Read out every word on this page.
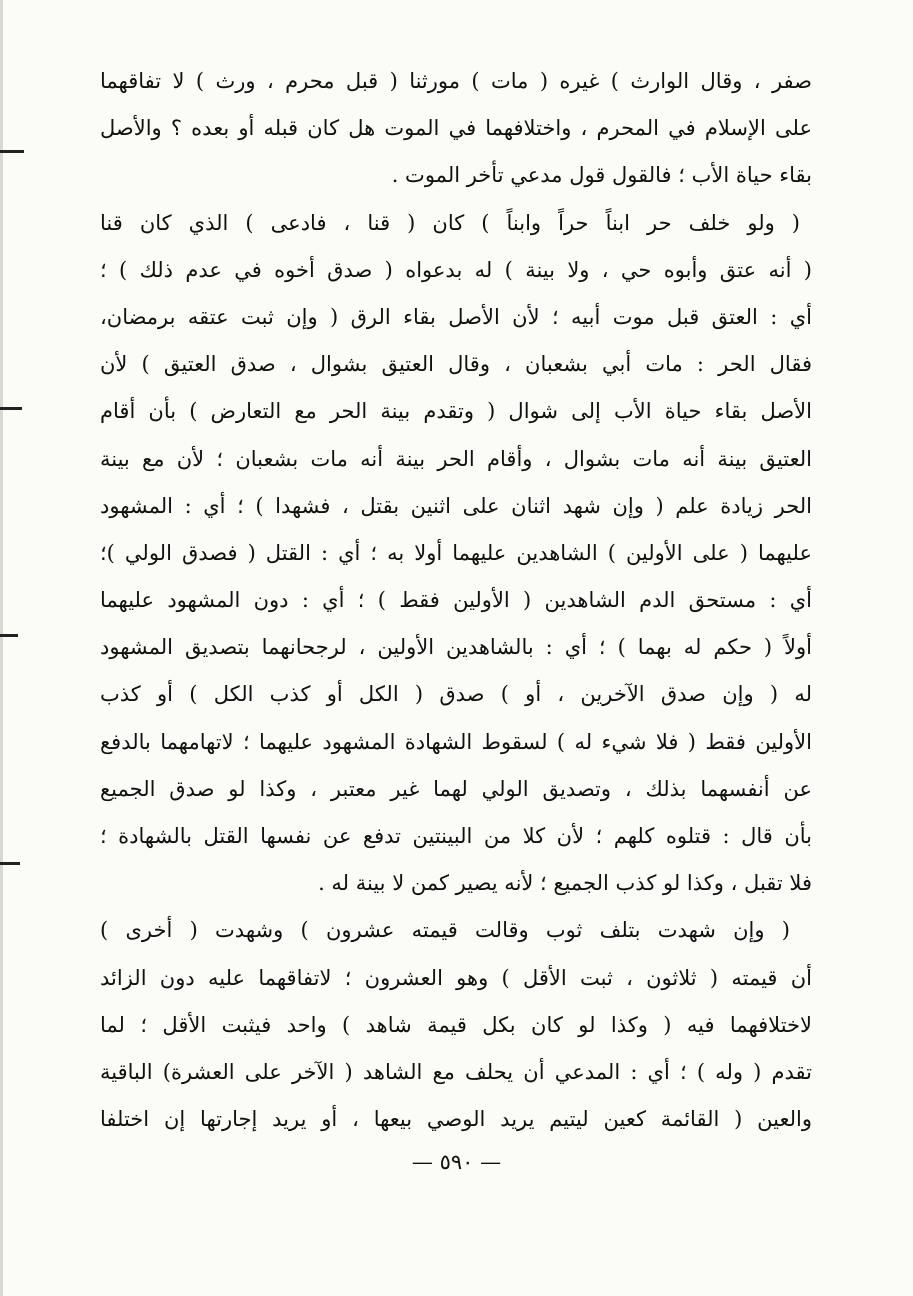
صفر ، وقال الوارث ) غيره ( مات ) مورثنا ( قبل محرم ، ورث ) لا تفاقهما
على الإسلام في المحرم ، واختلافهما في الموت هل كان قبله أو بعده ؟ والأصل
بقاء حياة الأب ؛ فالقول قول مدعي تأخر الموت .
( ولو خلف حر ابناً حراً وابناً ) كان ( قنا ، فادعى ) الذي كان قنا
( أنه عتق وأبوه حي ، ولا بينة ) له بدعواه ( صدق أخوه في عدم ذلك ) ؛
أي : العتق قبل موت أبيه ؛ لأن الأصل بقاء الرق ( وإن ثبت عتقه برمضان،
فقال الحر : مات أبي بشعبان ، وقال العتيق بشوال ، صدق العتيق ) لأن
الأصل بقاء حياة الأب إلى شوال ( وتقدم بينة الحر مع التعارض ) بأن أقام
العتيق بينة أنه مات بشوال ، وأقام الحر بينة أنه مات بشعبان ؛ لأن مع بينة
الحر زيادة علم ( وإن شهد اثنان على اثنين بقتل ، فشهدا ) ؛ أي : المشهود
عليهما ( على الأولين ) الشاهدين عليهما أولا به ؛ أي : القتل ( فصدق الولي )؛
أي : مستحق الدم الشاهدين ( الأولين فقط ) ؛ أي : دون المشهود عليهما
أولاً ( حكم له بهما ) ؛ أي : بالشاهدين الأولين ، لرجحانهما بتصديق المشهود
له ( وإن صدق الآخرين ، أو ) صدق ( الكل أو كذب الكل ) أو كذب
الأولين فقط ( فلا شيء له ) لسقوط الشهادة المشهود عليهما ؛ لاتهامهما بالدفع
عن أنفسهما بذلك ، وتصديق الولي لهما غير معتبر ، وكذا لو صدق الجميع
بأن قال : قتلوه كلهم ؛ لأن كلا من البينتين تدفع عن نفسها القتل بالشهادة ؛
فلا تقبل ، وكذا لو كذب الجميع ؛ لأنه يصير كمن لا بينة له .
( وإن شهدت بتلف ثوب وقالت قيمته عشرون ) وشهدت ( أخرى )
أن قيمته ( ثلاثون ، ثبت الأقل ) وهو العشرون ؛ لاتفاقهما عليه دون الزائد
لاختلافهما فيه ( وكذا لو كان بكل قيمة شاهد ) واحد فيثبت الأقل ؛ لما
تقدم ( وله ) ؛ أي : المدعي أن يحلف مع الشاهد ( الآخر على العشرة) الباقية
والعين ( القائمة كعين ليتيم يريد الوصي بيعها ، أو يريد إجارتها إن اختلفا
— ٥٩٠ —
